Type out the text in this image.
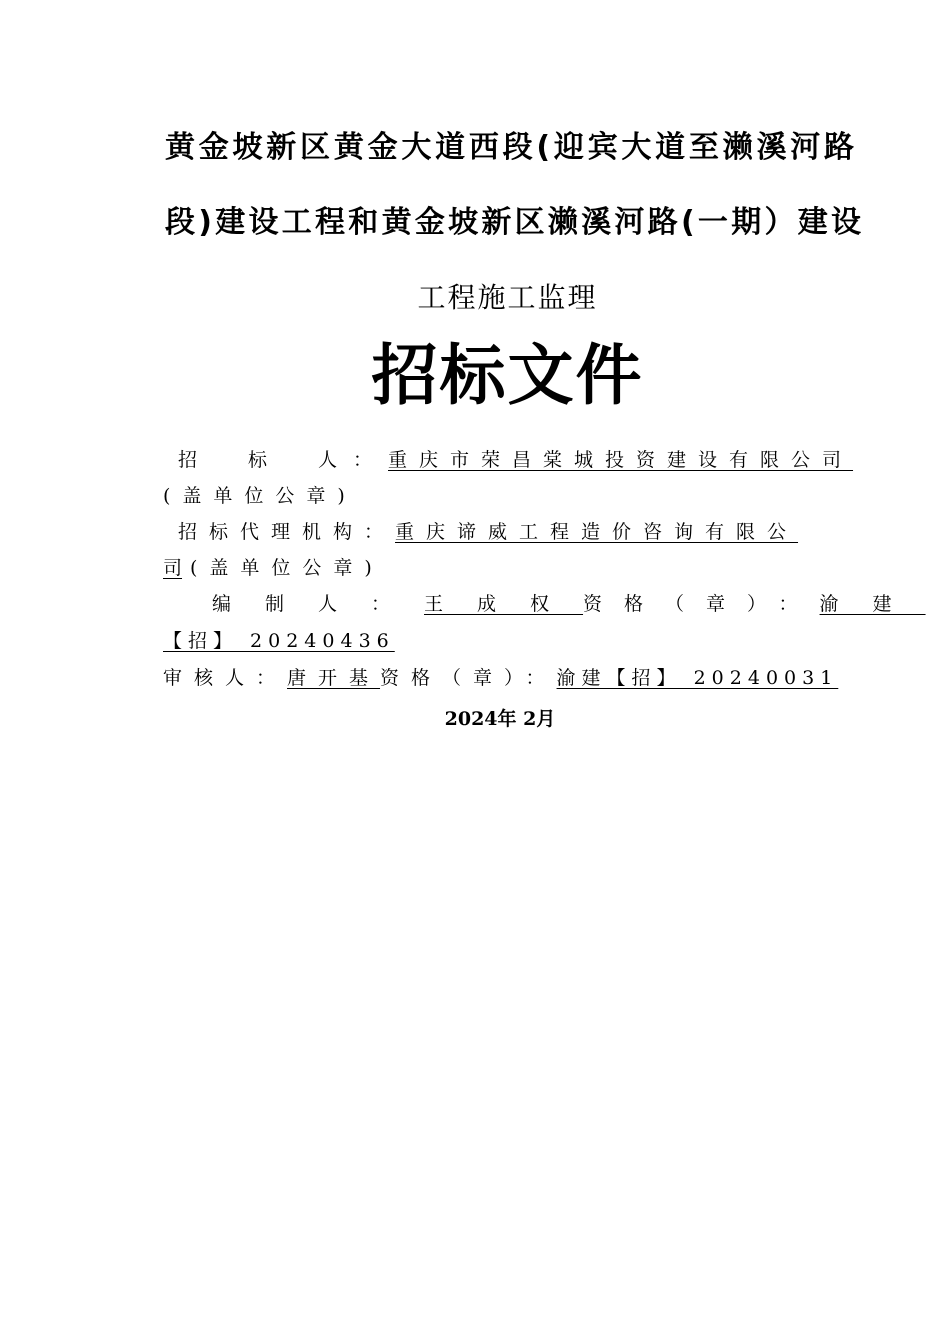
黄金坡新区黄金大道西段(迎宾大道至濑溪河路
段)建设工程和黄金坡新区濑溪河路(一期）建设
工程施工监理
招标文件
招　标　人：重庆市荣昌棠城投资建设有限公司
(盖单位公章)
招标代理机构：重庆谛威工程造价咨询有限公
司 (盖单位公章)
编制人：王成权资格（章）：渝建
【招】 20240436
审核人：唐开基资格（章）：渝建【招】 20240031
2024年 2月
